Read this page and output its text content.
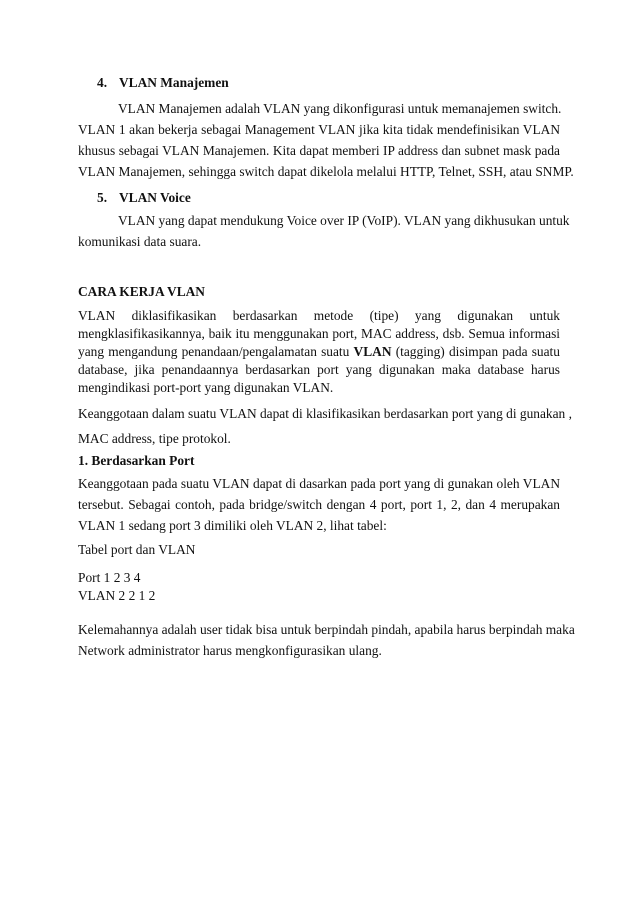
4. VLAN Manajemen
VLAN Manajemen adalah VLAN yang dikonfigurasi untuk memanajemen switch.
VLAN 1 akan bekerja sebagai Management VLAN jika kita tidak mendefinisikan VLAN
khusus sebagai VLAN Manajemen. Kita dapat memberi IP address dan subnet mask pada
VLAN Manajemen, sehingga switch dapat dikelola melalui HTTP, Telnet, SSH, atau SNMP.
5. VLAN Voice
VLAN yang dapat mendukung Voice over IP (VoIP). VLAN yang dikhusukan untuk
komunikasi data suara.
CARA KERJA VLAN
VLAN diklasifikasikan berdasarkan metode (tipe) yang digunakan untuk
mengklasifikasikannya, baik itu menggunakan port, MAC address, dsb. Semua informasi
yang mengandung penandaan/pengalamatan suatu VLAN (tagging) disimpan pada suatu
database, jika penandaannya berdasarkan port yang digunakan maka database harus
mengindikasi port-port yang digunakan VLAN.
Keanggotaan dalam suatu VLAN dapat di klasifikasikan berdasarkan port yang di gunakan ,
MAC address, tipe protokol.
1. Berdasarkan Port
Keanggotaan pada suatu VLAN dapat di dasarkan pada port yang di gunakan oleh VLAN
tersebut. Sebagai contoh, pada bridge/switch dengan 4 port, port 1, 2, dan 4 merupakan
VLAN 1 sedang port 3 dimiliki oleh VLAN 2, lihat tabel:
Tabel port dan VLAN
Port 1 2 3 4
VLAN 2 2 1 2
Kelemahannya adalah user tidak bisa untuk berpindah pindah, apabila harus berpindah maka
Network administrator harus mengkonfigurasikan ulang.
